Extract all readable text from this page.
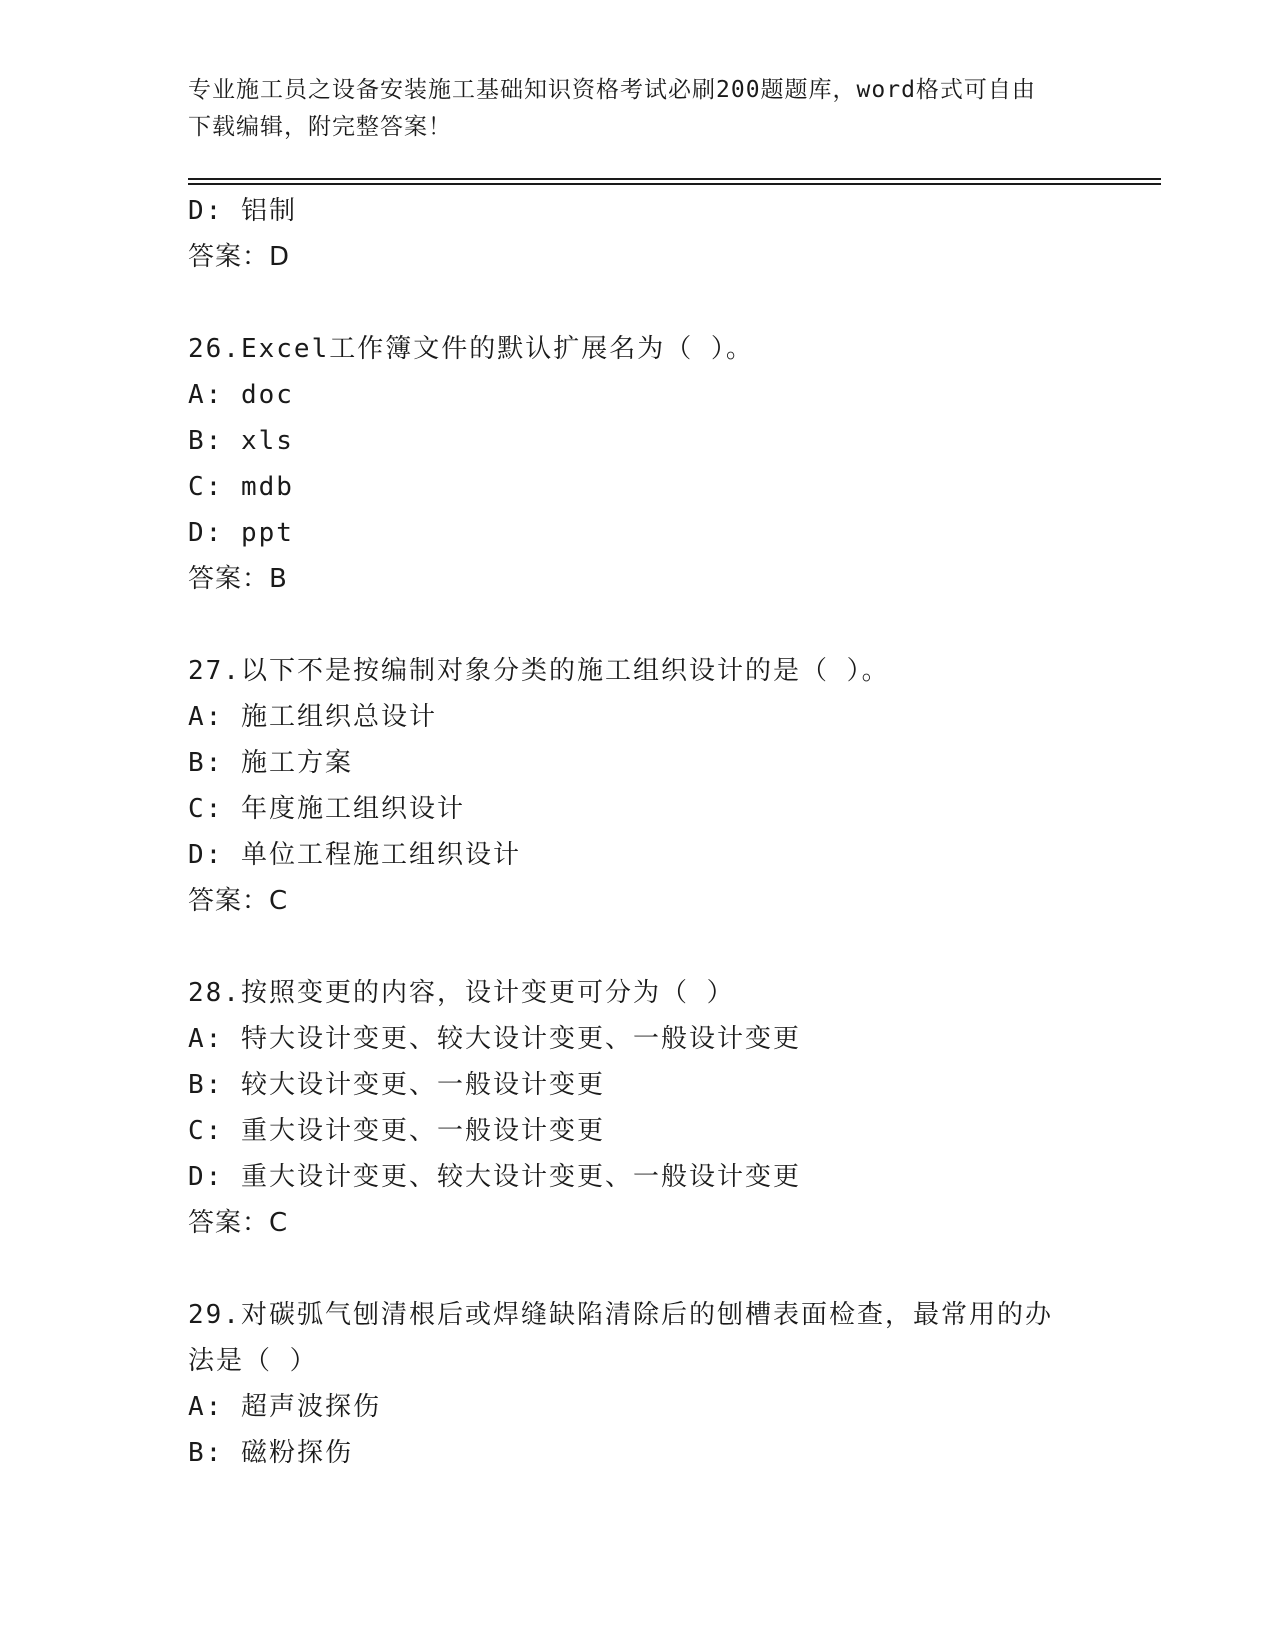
专业施工员之设备安装施工基础知识资格考试必刷200题题库，word格式可自由
下载编辑，附完整答案！
D: 铝制
答案：D
26.Excel工作簿文件的默认扩展名为（ ）。
A: doc
B: xls
C: mdb
D: ppt
答案：B
27.以下不是按编制对象分类的施工组织设计的是（ ）。
A: 施工组织总设计
B: 施工方案
C: 年度施工组织设计
D: 单位工程施工组织设计
答案：C
28.按照变更的内容，设计变更可分为（ ）
A: 特大设计变更、较大设计变更、一般设计变更
B: 较大设计变更、一般设计变更
C: 重大设计变更、一般设计变更
D: 重大设计变更、较大设计变更、一般设计变更
答案：C
29.对碳弧气刨清根后或焊缝缺陷清除后的刨槽表面检查，最常用的办
法是（ ）
A: 超声波探伤
B: 磁粉探伤
